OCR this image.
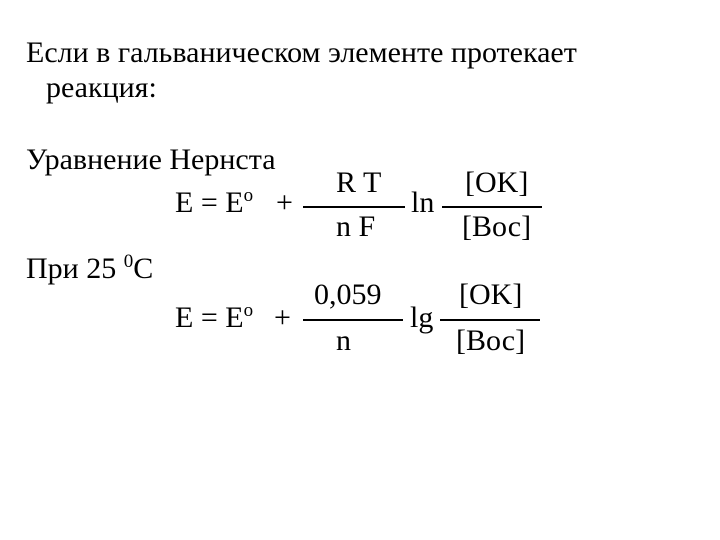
Если в гальваническом элементе протекает
реакция:
Уравнение Нернста
$E = E^o$ +
R T
n F
ln
[OK]
[Вос]
При 25 $^0$C
$E = E^o$ +
0,059
n
lg
[OK]
[Вос]
